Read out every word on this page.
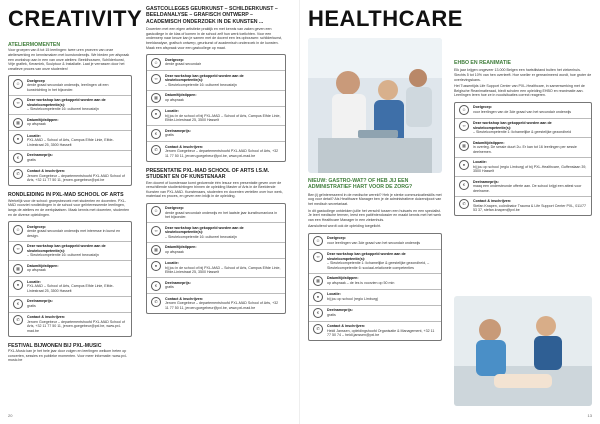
CREATIVITY

ATELIERMOMENTEN

Voor groepen van 8 tot 15 leerlingen: twee uren proeven van onze atelierwerking en kennismaken met kunstonderwijs. We bieden per afspraak een workshop aan in een van onze ateliers: Beeldhouwen, Schilderkunst, Vrije grafiek, Keramiek, Sculptuur & Installatie. Laat je verrassen door het creatieve proces van onze studenten!

☺	Doelgroep
derde graad secundair onderwijs, leerlingen uit een kunstrichting in het bijzonder.
∞	Deze workshop kan gekoppeld worden aan de sleutelcompetentie(s):
– Sleutelcompetentie 16: cultureel bewustzijn
▦	Datum/tijdstippen:
op afspraak
●	Locatie:
PXL-MAD – School of Arts, Campus Elfde Linie, Elfde-Liniestraat 25, 3500 Hasselt
€	Deelnameprijs:
gratis
✆	Contact & inschrijven:
Jeroen Goegebeur – departementshoofd PXL-MAD School of Arts, +32 11 77 50 11, jeroen.goegebeur@pxl.be

RONDLEIDING IN PXL-MAD SCHOOL OF ARTS

Werkelijk voor de school: groepsbezoek met studenten en docenten. PXL-MAD voorziet rondleidingen in de school voor geïnteresseerde leerlingen, langs de ateliers en de werkplaatsen. Maak kennis met docenten, studenten en de diverse opleidingen.

☺	Doelgroep:
derde graad secundair onderwijs met interesse in kunst en design.
∞	Deze workshop kan gekoppeld worden aan de sleutelcompetentie(s):
– Sleutelcompetentie 16: cultureel bewustzijn
▦	Datum/tijdstippen:
op afspraak
●	Locatie:
PXL-MAD – School of Arts, Campus Elfde Linie, Elfde-Liniestraat 25, 3500 Hasselt
€	Deelnameprijs:
gratis
✆	Contact & inschrijven:
Jeroen Goegebeur – departementshoofd PXL-MAD School of Arts, +32 11 77 50 11, jeroen.goegebeur@pxl.be, www.pxl-mad.be

FESTIVAL BIJWONEN BIJ PXL-MUSIC

PXL-Music kan je het hele jaar door volgen en leerlingen welkom heten op concerten, sessies en publieke momenten. Voor meer informatie: www.pxl-music.be

20

GASTCOLLEGES GEURKUNST – SCHILDERKUNST – BEELDANALYSE – GRAFISCH ONTWERP – ACADEMISCH ONDERZOEK IN DE KUNSTEN ...

Docenten met een eigen artistieke praktijk en met kennis van zaken geven een gastcollege in de klas of komen in de school zelf hun werk toelichten. Voor een onderwerp naar keuze kan je samen met de docent een les opbouwen: schilderkunst, beeldanalyse, grafisch ontwerp, geurkunst of academisch onderzoek in de kunsten. Maak een afspraak voor een gastcollege op maat.

☺	Doelgroep:
derde graad secundair
∞	Deze workshop kan gekoppeld worden aan de sleutelcompetentie(s):
– Sleutelcompetentie 16: cultureel bewustzijn
▦	Datum/tijdstippen:
op afspraak
●	Locatie:
bij jou in de school of bij PXL-MAD – School of Arts, Campus Elfde Linie, Elfde-Liniestraat 25, 3500 Hasselt
€	Deelnameprijs:
gratis
✆	Contact & inschrijven:
Jeroen Goegebeur – departementshoofd PXL-MAD School of Arts, +32 11 77 50 11, jeroen.goegebeur@pxl.be, www.pxl-mad.be

PRESENTATIE PXL-MAD SCHOOL OF ARTS I.S.M. STUDENT EN OF KUNSTENAAR

Een docent of kunstenaar komt gedurende één lesuur een presentatie geven over de verschillende studierichtingen binnen de opleiding Master of Arts in de Beeldende Kunsten van PXL-MAD. Kunstenaars, studenten en docenten vertellen over hun werk, materiaal en proces, en geven een inkijk in de opleiding.

☺	Doelgroep:
derde graad secundair onderwijs en het laatste jaar kunsthumaniora in het bijzonder.
∞	Deze workshop kan gekoppeld worden aan de sleutelcompetentie(s):
– Sleutelcompetentie 16: cultureel bewustzijn
▦	Datum/tijdstippen:
op afspraak
●	Locatie:
bij jou in de school of bij PXL-MAD – School of Arts, Campus Elfde Linie, Elfde-Liniestraat 25, 3500 Hasselt
€	Deelnameprijs:
gratis
✆	Contact & inschrijven:
Jeroen Goegebeur – departementshoofd PXL-MAD School of Arts, +32 11 77 50 11, jeroen.goegebeur@pxl.be, www.pxl-mad.be
HEALTHCARE

NIEUW: GASTRO-WAT? OF HEB JIJ EEN ADMINISTRATIEF HART VOOR DE ZORG?

Ben jij geïnteresseerd in de medische wereld? Heb je sterke communicatieskills met oog voor detail? Als Healthcare Manager ben je de administratieve duizendpoot van het medisch secretariaat.

In dit gastcollege ontdekken jullie het verschil tussen een huisarts en een specialist. Je leert medische termen, leest een patiëntendossier en maakt kennis met het werk van een Healthcare Manager in een ziekenhuis.

Aansluitend wordt ook de opleiding toegelicht.

☺	Doelgroep:
voor leerlingen van 3de graad van het secundair onderwijs
∞	Deze workshop kan gekoppeld worden aan de sleutelcompetentie(s):
– Sleutelcompetentie 1: lichamelijke & geestelijke gezondheid, – Sleutelcompetentie 6: sociaal-relationele competenties
▦	Datum/tijdstippen:
op afspraak – de les is voorzien op 50 min
●	Locatie:
bij jou op school (regio Limburg)
€	Deelnameprijs:
gratis
✆	Contact & inschrijven:
Heidi Janssen, opleidingshoofd Organisatie & Management, +32 11 77 50 74 – heidi.janssen@pxl.be

EHBO EN REANIMATIE

Elk jaar krijgen ongeveer 13.000 Belgen een hartstilstand buiten het ziekenhuis. Slechts 5 tot 10% van hen overleeft. Hoe sneller er gereanimeerd wordt, hoe groter de overlevingskans.

Het Tussentijds Life Support Center van PXL-Healthcare, in samenwerking met de Belgische Reanimatieraad, biedt scholen een opleiding EHBO en reanimatie aan. Leerlingen leren hoe ze in noodsituaties correct reageren.

☺	Doelgroep:
voor leerlingen van de 3de graad van het secundair onderwijs
∞	Deze workshop kan gekoppeld worden aan de sleutelcompetentie(s):
– Sleutelcompetentie 1: lichamelijke & geestelijke gezondheid
▦	Datum/tijdstippen:
in overleg. De sessie duurt 2u. Er kan tot 16 leerlingen per sessie deelnemen.
●	Locatie:
bij jou op school (regio Limburg) of bij PXL-Healthcare, Guffenslaan 39, 3500 Hasselt
€	Deelnameprijs:
maaq een ondersteunde offerte aan. De school krijgt een attest voor deelname.
✆	Contact & inschrijven:
Stefan Knapen, coördinator Trauma & Life Support Center PXL, 011/77 53 37, stefan.knapen@pxl.be
13
